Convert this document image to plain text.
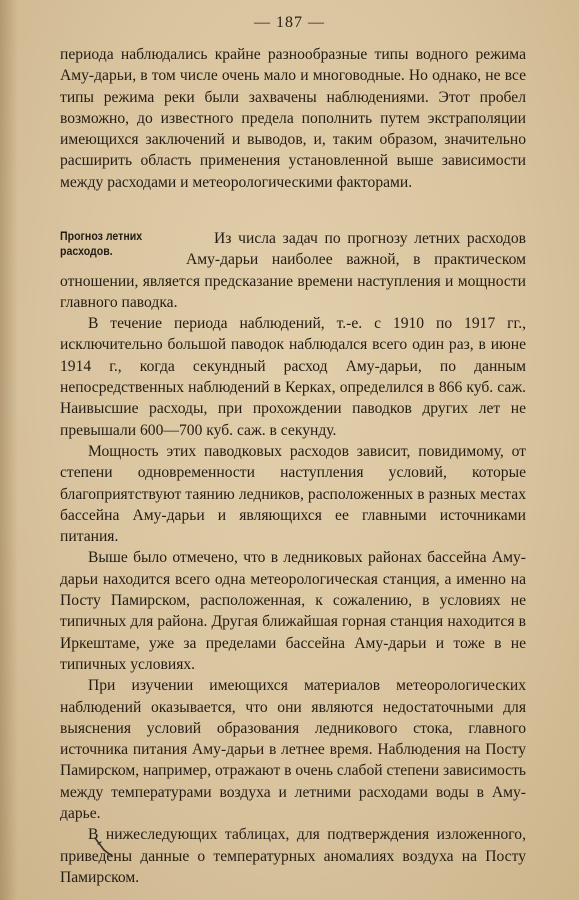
— 187 —

периода наблюдались крайне разнообразные типы водного режима Аму-дарьи, в том числе очень мало и многоводные. Но однако, не все типы режима реки были захвачены наблюдениями. Этот пробел возможно, до известного предела пополнить путем экстраполяции имеющихся заключений и выводов, и, таким образом, значительно расширить область применения установленной выше зависимости между расходами и метеорологическими факторами.

Прогноз летних расходов.

Из числа задач по прогнозу летних расходов Аму-дарьи наиболее важной, в практическом отношении, является предсказание времени наступления и мощности главного паводка.

В течение периода наблюдений, т.-е. с 1910 по 1917 гг., исключительно большой паводок наблюдался всего один раз, в июне 1914 г., когда секундный расход Аму-дарьи, по данным непосредственных наблюдений в Керках, определился в 866 куб. саж. Наивысшие расходы, при прохождении паводков других лет не превышали 600—700 куб. саж. в секунду.

Мощность этих паводковых расходов зависит, повидимому, от степени одновременности наступления условий, которые благоприятствуют таянию ледников, расположенных в разных местах бассейна Аму-дарьи и являющихся ее главными источниками питания.

Выше было отмечено, что в ледниковых районах бассейна Аму-дарьи находится всего одна метеорологическая станция, а именно на Посту Памирском, расположенная, к сожалению, в условиях не типичных для района. Другая ближайшая горная станция находится в Иркештаме, уже за пределами бассейна Аму-дарьи и тоже в не типичных условиях.

При изучении имеющихся материалов метеорологических наблюдений оказывается, что они являются недостаточными для выяснения условий образования ледникового стока, главного источника питания Аму-дарьи в летнее время. Наблюдения на Посту Памирском, например, отражают в очень слабой степени зависимость между температурами воздуха и летними расходами воды в Аму-дарье.

В нижеследующих таблицах, для подтверждения изложенного, приведены данные о температурных аномалиях воздуха на Посту Памирском.
